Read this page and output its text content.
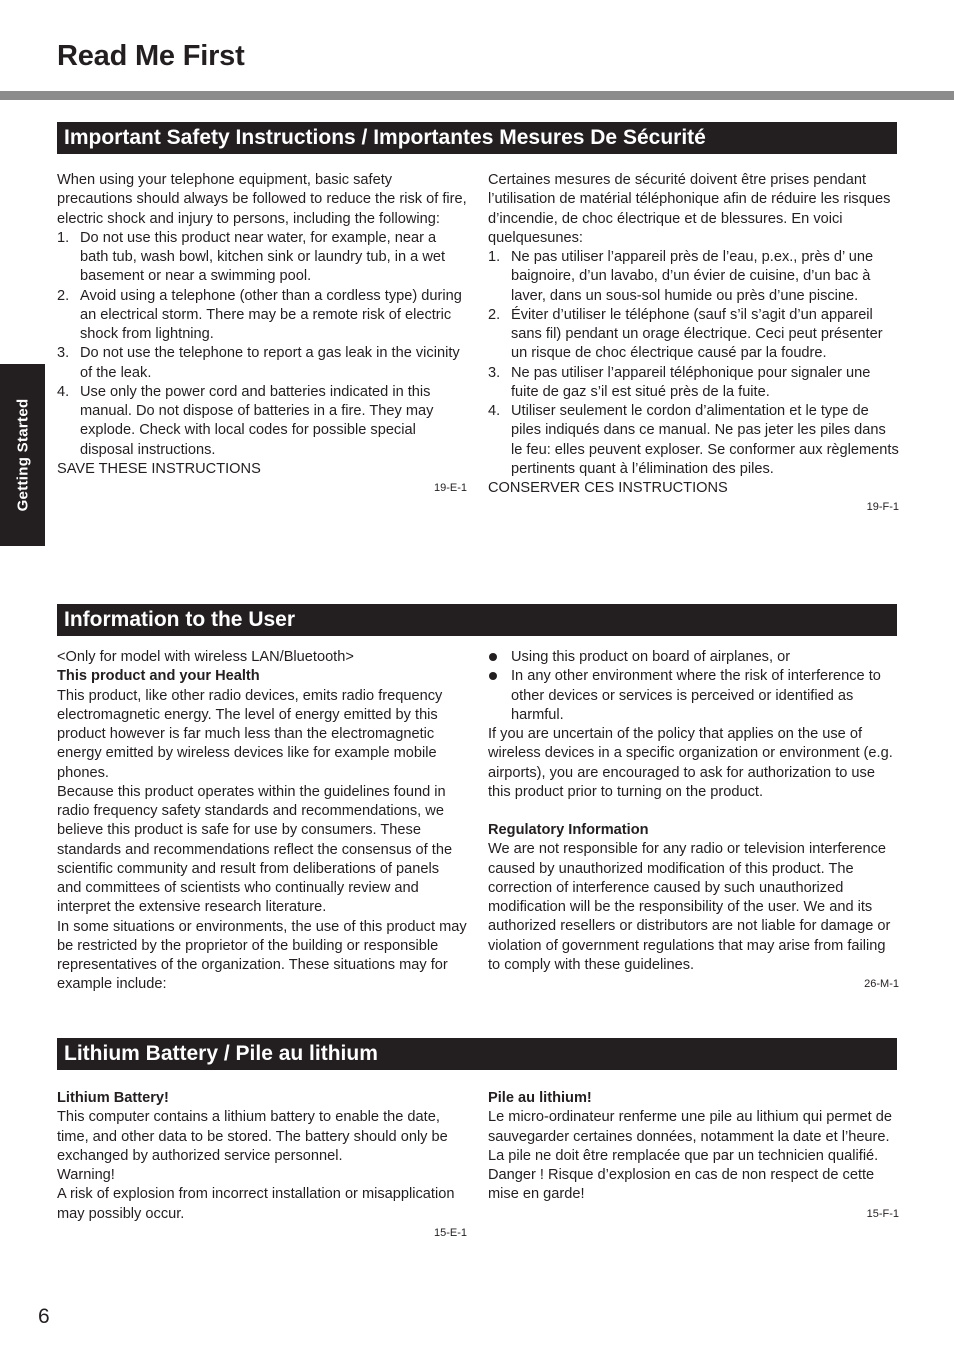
Read Me First
Getting Started
Important Safety Instructions / Importantes Mesures De Sécurité

When using your telephone equipment, basic safety precautions should always be followed to reduce the risk of fire, electric shock and injury to persons, including the following:

1. Do not use this product near water, for example, near a bath tub, wash bowl, kitchen sink or laundry tub, in a wet basement or near a swimming pool.
2. Avoid using a telephone (other than a cordless type) during an electrical storm. There may be a remote risk of electric shock from lightning.
3. Do not use the telephone to report a gas leak in the vicinity of the leak.
4. Use only the power cord and batteries indicated in this manual. Do not dispose of batteries in a fire. They may explode. Check with local codes for possible special disposal instructions.

SAVE THESE INSTRUCTIONS

19-E-1

Certaines mesures de sécurité doivent être prises pendant l’utilisation de matérial téléphonique afin de réduire les risques d’incendie, de choc électrique et de blessures. En voici quelquesunes:

1. Ne pas utiliser l’appareil près de l’eau, p.ex., près d’ une baignoire, d’un lavabo, d’un évier de cuisine, d’un bac à laver, dans un sous-sol humide ou près d’une piscine.
2. Éviter d’utiliser le téléphone (sauf s’il s’agit d’un appareil sans fil) pendant un orage électrique. Ceci peut présenter un risque de choc électrique causé par la foudre.
3. Ne pas utiliser l’appareil téléphonique pour signaler une fuite de gaz s’il est situé près de la fuite.
4. Utiliser seulement le cordon d’alimentation et le type de piles indiqués dans ce manual. Ne pas jeter les piles dans le feu: elles peuvent exploser. Se conformer aux règlements pertinents quant à l’élimination des piles.

CONSERVER CES INSTRUCTIONS

19-F-1
Information to the User

<Only for model with wireless LAN/Bluetooth>

This product and your Health

This product, like other radio devices, emits radio frequency electromagnetic energy. The level of energy emitted by this product however is far much less than the electromagnetic energy emitted by wireless devices like for example mobile phones.

Because this product operates within the guidelines found in radio frequency safety standards and recommendations, we believe this product is safe for use by consumers. These standards and recommendations reflect the consensus of the scientific community and result from deliberations of panels and committees of scientists who continually review and interpret the extensive research literature.

In some situations or environments, the use of this product may be restricted by the proprietor of the building or responsible representatives of the organization. These situations may for example include:

Using this product on board of airplanes, or
In any other environment where the risk of interference to other devices or services is perceived or identified as harmful.

If you are uncertain of the policy that applies on the use of wireless devices in a specific organization or environment (e.g. airports), you are encouraged to ask for authorization to use this product prior to turning on the product.

Regulatory Information

We are not responsible for any radio or television interference caused by unauthorized modification of this product. The correction of interference caused by such unauthorized modification will be the responsibility of the user. We and its authorized resellers or distributors are not liable for damage or violation of government regulations that may arise from failing to comply with these guidelines.

26-M-1
Lithium Battery / Pile au lithium

Lithium Battery!

This computer contains a lithium battery to enable the date, time, and other data to be stored. The battery should only be exchanged by authorized service personnel.

Warning!

A risk of explosion from incorrect installation or misapplication may possibly occur.

15-E-1

Pile au lithium!

Le micro-ordinateur renferme une pile au lithium qui permet de sauvegarder certaines données, notamment la date et l’heure. La pile ne doit être remplacée que par un technicien qualifié.

Danger ! Risque d’explosion en cas de non respect de cette mise en garde!

15-F-1
6
